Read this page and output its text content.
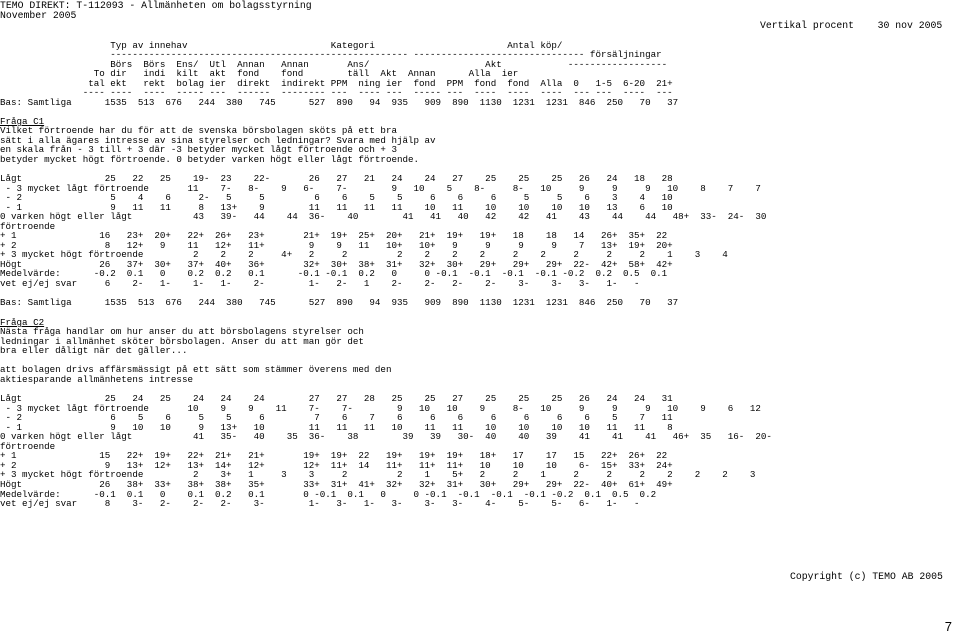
TEMO DIREKT: T-112093 - Allmänheten om bolagsstyrning
November 2005
Vertikal procent    30 nov 2005
Typ av innehav                          Kategori                        Antal köp/
------------------------------------------------------ ------------------------------- försäljningar
Börs  Börs  Ens/  Utl  Annan   Annan       Ans/                     Akt            ------------------
To dir   indi  kilt  akt  fond    fond        täll  Akt  Annan      Alla  ier
tal ekt   rekt  bolag ier  direkt  indirekt PPM  ning ier  fond  PPM  fond  fond  Alla  0   1-5  6-20  21+
---- ----  ----  ----- ---  ------  -------- ---  ---- ---  ----- ---  ----  ----  ----  --- ---  ----  ---
Bas: Samtliga      1535  513  676   244  380   745      527  890   94  935   909  890  1130  1231  1231  846  250   70   37
Fråga C1
Vilket förtroende har du för att de svenska börsbolagen sköts på ett bra
sätt i alla ägares intresse av sina styrelser och ledningar? Svara med hjälp av
en skala från - 3 till + 3 där -3 betyder mycket lågt förtroende och + 3
betyder mycket högt förtroende. 0 betyder varken högt eller lågt förtroende.
Lågt               25   22   25    19-  23    22-       26   27   21   24    24   27    25    25    25   26   24   18   28
- 3 mycket lågt förtroende       11    7-   8-    9   6-    7-        9   10    5    8-     8-   10     9     9     9   10    8    7    7
- 2                5    4    6     2-   5     5         6    6    5    5     6    6     6     5     5    6    3    4   10
- 1                9   11   11     8   13+    9        11   11   11   11    10   11    10    10    10   10   13    6   10
0 varken högt eller lågt           43   39-   44    44  36-    40        41   41   40   42    42   41    43    44    44   48+  33-  24-  30
förtroende
+ 1               16   23+  20+   22+  26+   23+       21+  19+  25+  20+   21+  19+   19+   18    18   14   26+  35+  22
+ 2                8   12+   9    11   12+   11+        9    9   11   10+   10+   9     9     9     9    7   13+  19+  20+
+ 3 mycket högt förtroende         2    2    2     4+   2     2         2    2    2    2     2    2     2     2     2    1    3    4
Högt              26   37+  30+   37+  40+   36+       32+  30+  38+  31+   32+  30+   29+   29+   29+  22-  42+  58+  42+
Medelvärde:      -0.2  0.1   0    0.2  0.2   0.1      -0.1 -0.1  0.2   0     0 -0.1  -0.1  -0.1  -0.1 -0.2  0.2  0.5  0.1
vet ej/ej svar     6    2-   1-    1-   1-    2-        1-   2-   1    2-    2-   2-    2-    3-    3-   3-   1-   -
Bas: Samtliga      1535  513  676   244  380   745      527  890   94  935   909  890  1130  1231  1231  846  250   70   37
Fråga C2
Nästa fråga handlar om hur anser du att börsbolagens styrelser och
ledningar i allmänhet sköter börsbolagen. Anser du att man gör det
bra eller dåligt när det gäller...
att bolagen drivs affärsmässigt på ett sätt som stämmer överens med den
aktiesparande allmänhetens intresse
Lågt               25   24   25    24   24    24        27   27   28   25    25   27    25    25    25   26   24   24   31
- 3 mycket lågt förtroende       10    9    9    11    7-    7-        9   10   10    9     8-   10     9     9     9   10    9    6   12
- 2                6    5    6     5    5     6         7    6    7    6     6    6     6     6     6    6    5    7   11
- 1                9   10   10     9   13+   10        11   11   11   10    11   11    10    10    10   10   11   11    8
0 varken högt eller lågt           41   35-   40    35  36-    38        39   39   30-  40    40   39    41    41    41   46+  35   16-  20-
förtroende
+ 1               15   22+  19+   22+  21+   21+       19+  19+  22   19+   19+  19+   18+   17    17   15   22+  26+  22
+ 2                9   13+  12+   13+  14+   12+       12+  11+  14   11+   11+  11+   10    10    10    6-  15+  33+  24+
+ 3 mycket högt förtroende         2    3+   1     3    3     2         2    1    5+   2     2    1     2     2     2    2    2    2    3
Högt              26   38+  33+   38+  38+   35+       33+  31+  41+  32+   32+  31+   30+   29+   29+  22-  40+  61+  49+
Medelvärde:      -0.1  0.1   0    0.1  0.2   0.1       0 -0.1  0.1   0     0 -0.1  -0.1  -0.1  -0.1 -0.2  0.1  0.5  0.2
vet ej/ej svar     8    3-   2-    2-   2-    3-        1-   3-   1-   3-    3-   3-    4-    5-    5-   6-   1-   -
Copyright (c) TEMO AB 2005
7
